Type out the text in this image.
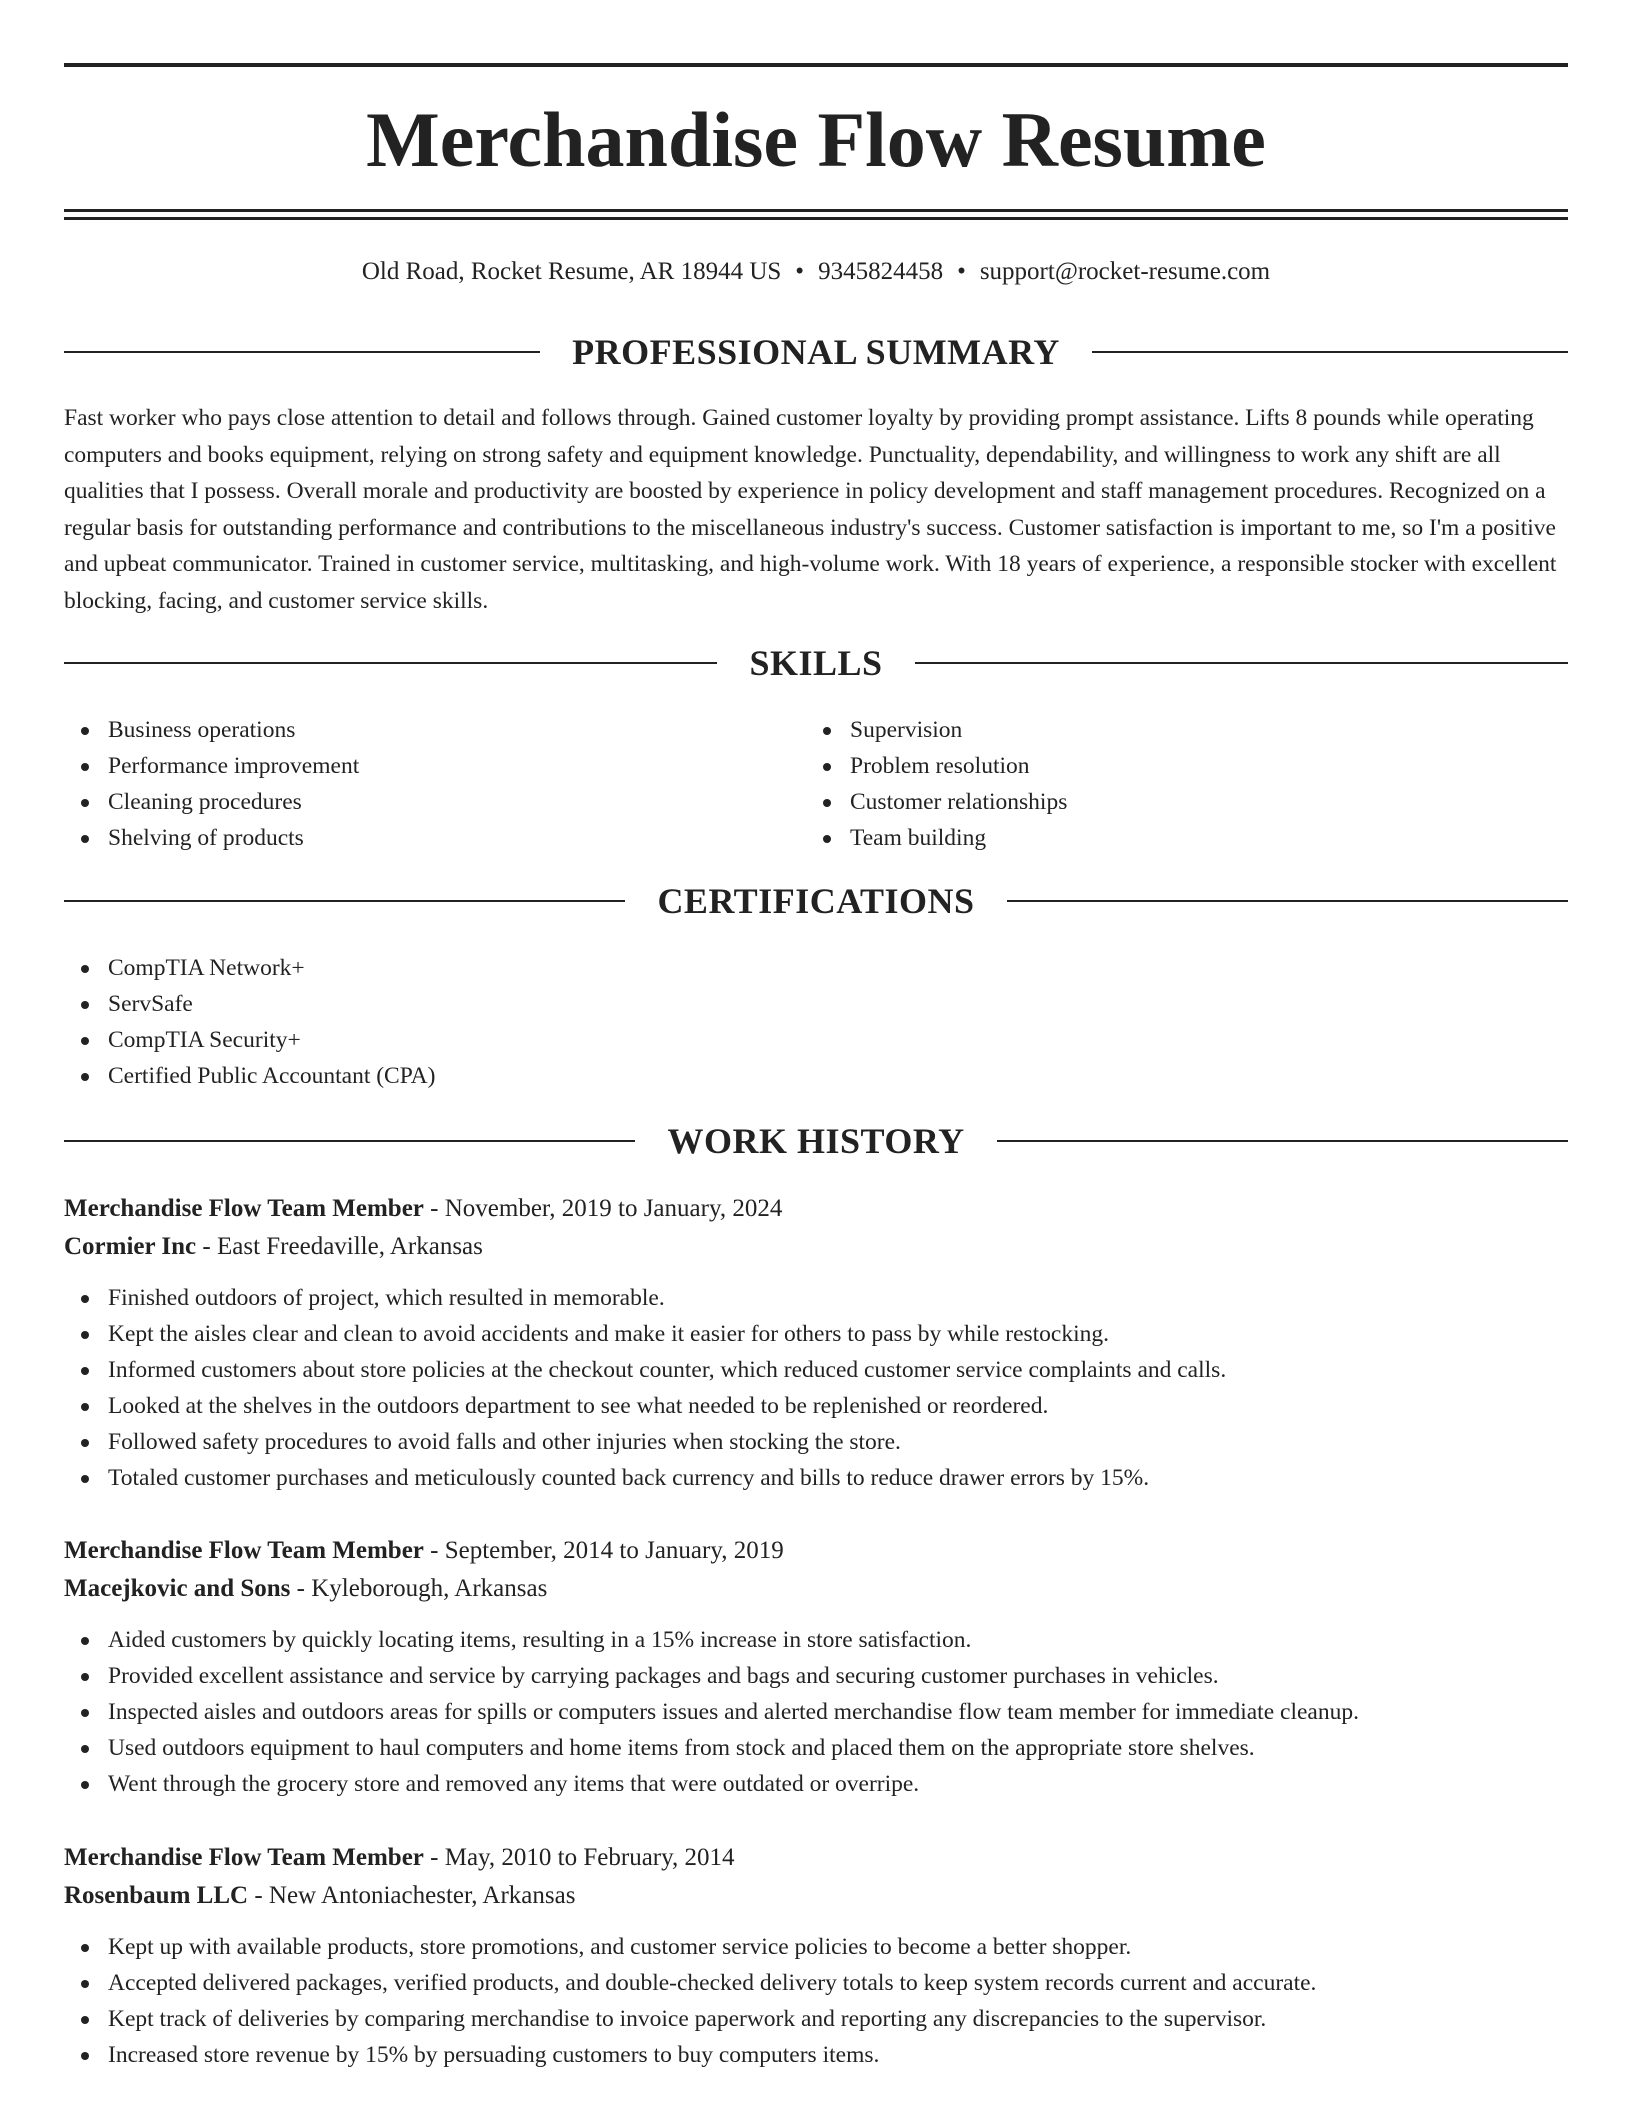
Merchandise Flow Resume
Old Road, Rocket Resume, AR 18944 US • 9345824458 • support@rocket-resume.com
PROFESSIONAL SUMMARY

Fast worker who pays close attention to detail and follows through. Gained customer loyalty by providing prompt assistance. Lifts 8 pounds while operating computers and books equipment, relying on strong safety and equipment knowledge. Punctuality, dependability, and willingness to work any shift are all qualities that I possess. Overall morale and productivity are boosted by experience in policy development and staff management procedures. Recognized on a regular basis for outstanding performance and contributions to the miscellaneous industry's success. Customer satisfaction is important to me, so I'm a positive and upbeat communicator. Trained in customer service, multitasking, and high-volume work. With 18 years of experience, a responsible stocker with excellent blocking, facing, and customer service skills.

SKILLS
Business operations
Performance improvement
Cleaning procedures
Shelving of products
Supervision
Problem resolution
Customer relationships
Team building
CERTIFICATIONS
CompTIA Network+
ServSafe
CompTIA Security+
Certified Public Accountant (CPA)
WORK HISTORY
Merchandise Flow Team Member - November, 2019 to January, 2024
Cormier Inc - East Freedaville, Arkansas
Finished outdoors of project, which resulted in memorable.
Kept the aisles clear and clean to avoid accidents and make it easier for others to pass by while restocking.
Informed customers about store policies at the checkout counter, which reduced customer service complaints and calls.
Looked at the shelves in the outdoors department to see what needed to be replenished or reordered.
Followed safety procedures to avoid falls and other injuries when stocking the store.
Totaled customer purchases and meticulously counted back currency and bills to reduce drawer errors by 15%.
Merchandise Flow Team Member - September, 2014 to January, 2019
Macejkovic and Sons - Kyleborough, Arkansas
Aided customers by quickly locating items, resulting in a 15% increase in store satisfaction.
Provided excellent assistance and service by carrying packages and bags and securing customer purchases in vehicles.
Inspected aisles and outdoors areas for spills or computers issues and alerted merchandise flow team member for immediate cleanup.
Used outdoors equipment to haul computers and home items from stock and placed them on the appropriate store shelves.
Went through the grocery store and removed any items that were outdated or overripe.
Merchandise Flow Team Member - May, 2010 to February, 2014
Rosenbaum LLC - New Antoniachester, Arkansas
Kept up with available products, store promotions, and customer service policies to become a better shopper.
Accepted delivered packages, verified products, and double-checked delivery totals to keep system records current and accurate.
Kept track of deliveries by comparing merchandise to invoice paperwork and reporting any discrepancies to the supervisor.
Increased store revenue by 15% by persuading customers to buy computers items.
